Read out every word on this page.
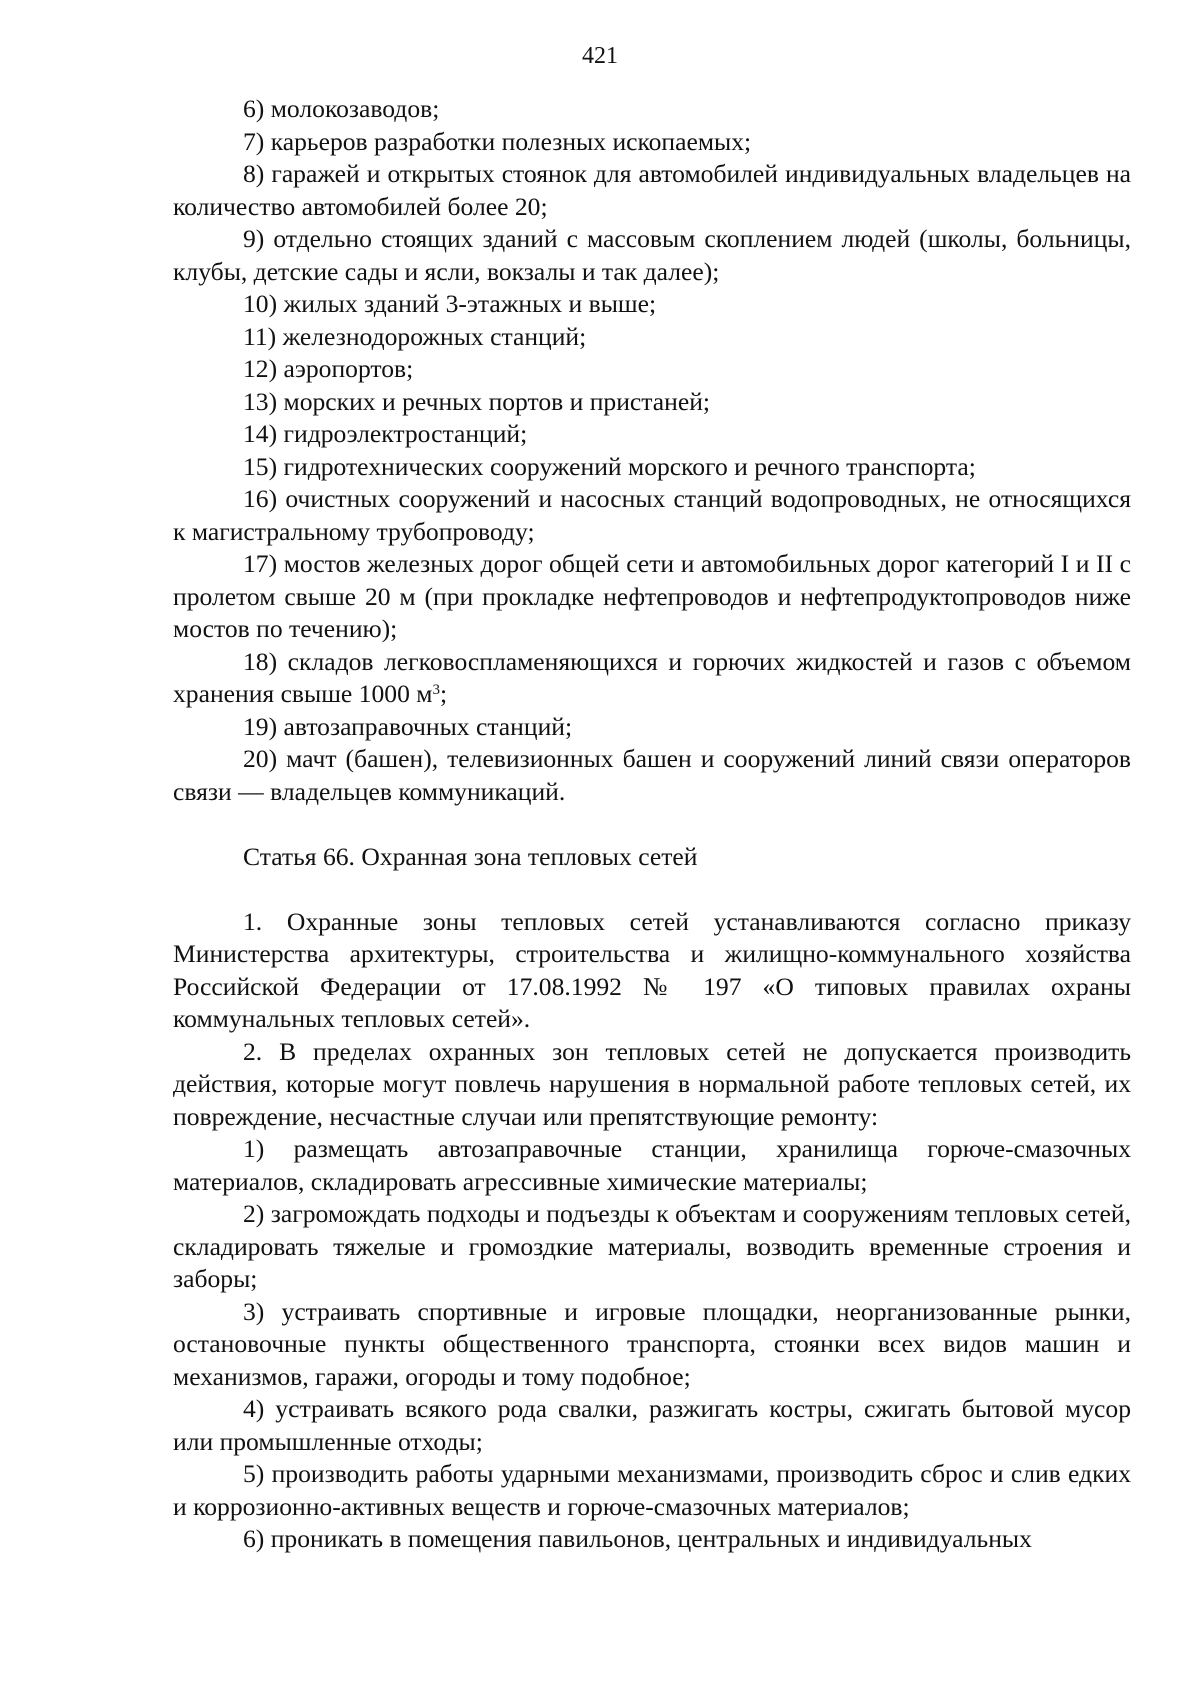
421

6) молокозаводов;

7) карьеров разработки полезных ископаемых;

8) гаражей и открытых стоянок для автомобилей индивидуальных владельцев на количество автомобилей более 20;

9) отдельно стоящих зданий с массовым скоплением людей (школы, больницы, клубы, детские сады и ясли, вокзалы и так далее);

10) жилых зданий 3-этажных и выше;

11) железнодорожных станций;

12) аэропортов;

13) морских и речных портов и пристаней;

14) гидроэлектростанций;

15) гидротехнических сооружений морского и речного транспорта;

16) очистных сооружений и насосных станций водопроводных, не относящихся к магистральному трубопроводу;

17) мостов железных дорог общей сети и автомобильных дорог категорий I и II с пролетом свыше 20 м (при прокладке нефтепроводов и нефтепродуктопроводов ниже мостов по течению);

18) складов легковоспламеняющихся и горючих жидкостей и газов с объемом хранения свыше 1000 $м^3$;

19) автозаправочных станций;

20) мачт (башен), телевизионных башен и сооружений линий связи операторов связи — владельцев коммуникаций.

Статья 66. Охранная зона тепловых сетей

1. Охранные зоны тепловых сетей устанавливаются согласно приказу Министерства архитектуры, строительства и жилищно-коммунального хозяйства Российской Федерации от 17.08.1992 № 197 «О типовых правилах охраны коммунальных тепловых сетей».

2. В пределах охранных зон тепловых сетей не допускается производить действия, которые могут повлечь нарушения в нормальной работе тепловых сетей, их повреждение, несчастные случаи или препятствующие ремонту:

1) размещать автозаправочные станции, хранилища горюче-смазочных материалов, складировать агрессивные химические материалы;

2) загромождать подходы и подъезды к объектам и сооружениям тепловых сетей, складировать тяжелые и громоздкие материалы, возводить временные строения и заборы;

3) устраивать спортивные и игровые площадки, неорганизованные рынки, остановочные пункты общественного транспорта, стоянки всех видов машин и механизмов, гаражи, огороды и тому подобное;

4) устраивать всякого рода свалки, разжигать костры, сжигать бытовой мусор или промышленные отходы;

5) производить работы ударными механизмами, производить сброс и слив едких и коррозионно-активных веществ и горюче-смазочных материалов;

6) проникать в помещения павильонов, центральных и индивидуальных
